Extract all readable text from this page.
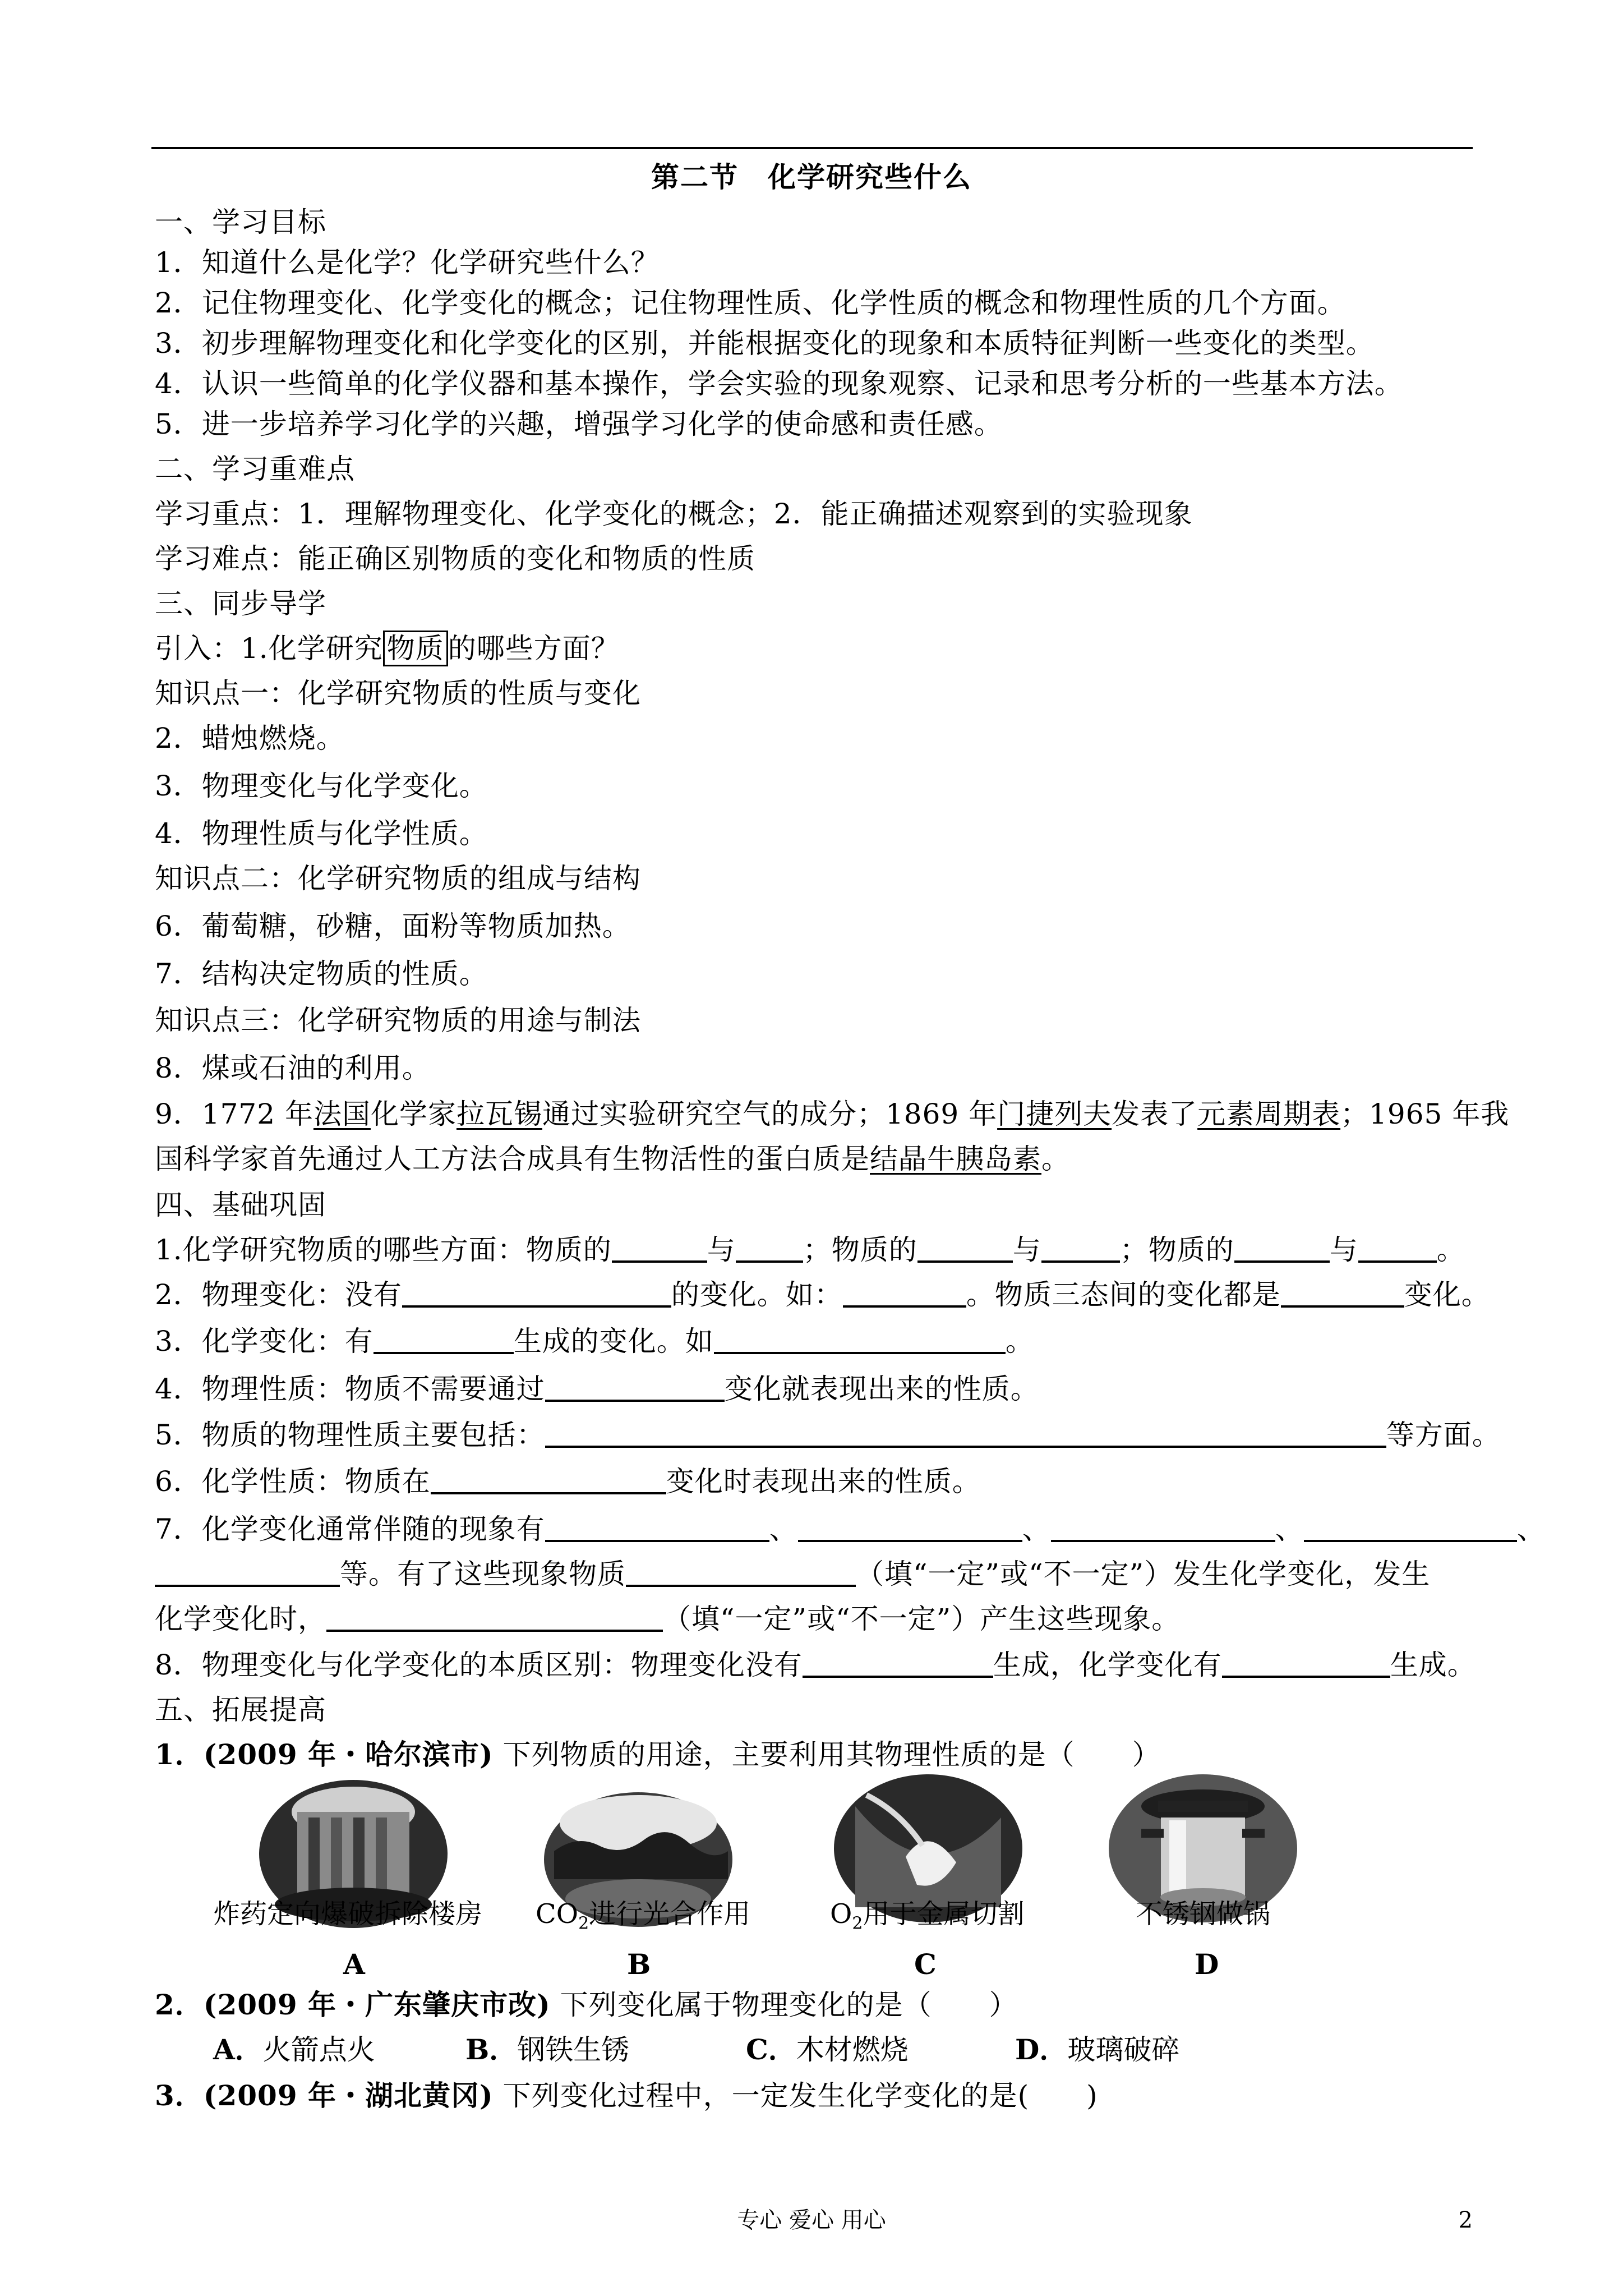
第二节　化学研究些什么
一、学习目标
1．知道什么是化学？化学研究些什么？
2．记住物理变化、化学变化的概念；记住物理性质、化学性质的概念和物理性质的几个方面。
3．初步理解物理变化和化学变化的区别，并能根据变化的现象和本质特征判断一些变化的类型。
4．认识一些简单的化学仪器和基本操作，学会实验的现象观察、记录和思考分析的一些基本方法。
5．进一步培养学习化学的兴趣，增强学习化学的使命感和责任感。
二、学习重难点
学习重点：1．理解物理变化、化学变化的概念；2．能正确描述观察到的实验现象
学习难点：能正确区别物质的变化和物质的性质
三、同步导学
引入：1.化学研究 物质 的哪些方面？
知识点一：化学研究物质的性质与变化
2．蜡烛燃烧。
3．物理变化与化学变化。
4．物理性质与化学性质。
知识点二：化学研究物质的组成与结构
6．葡萄糖，砂糖，面粉等物质加热。
7．结构决定物质的性质。
知识点三：化学研究物质的用途与制法
8．煤或石油的利用。
9．1772 年法国化学家拉瓦锡通过实验研究空气的成分；1869 年门捷列夫发表了元素周期表；1965 年我
国科学家首先通过人工方法合成具有生物活性的蛋白质是结晶牛胰岛素。
四、基础巩固
1.化学研究物质的哪些方面：物质的	与 ；物质的	与	；物质的	与	。
2．物理变化：没有	的变化。如：	。物质三态间的变化都是	变化。
3．化学变化：有	生成的变化。如	。
4．物理性质：物质不需要通过	变化就表现出来的性质。
5．物质的物理性质主要包括：	等方面。
6．化学性质：物质在	变化时表现出来的性质。
7．化学变化通常伴随的现象有	、	、	、	、
等。有了这些现象物质	（填“一定”或“不一定”）发生化学变化，发生
化学变化时，	（填“一定”或“不一定”）产生这些现象。
8．物理变化与化学变化的本质区别：物理变化没有	生成，化学变化有	生成。
五、拓展提高
1．(2009 年・哈尔滨市) 下列物质的用途，主要利用其物理性质的是（　　）
炸药定向爆破拆除楼房 $CO_2$进行光合作用	$O_2$用于金属切割	不锈钢做锅
A	B	C	D
2．(2009 年・广东肇庆市改) 下列变化属于物理变化的是（　　）
A．火箭点火	B．钢铁生锈	C．木材燃烧	D．玻璃破碎
3．(2009 年・湖北黄冈) 下列变化过程中，一定发生化学变化的是(　　)
专心 爱心 用心	2
